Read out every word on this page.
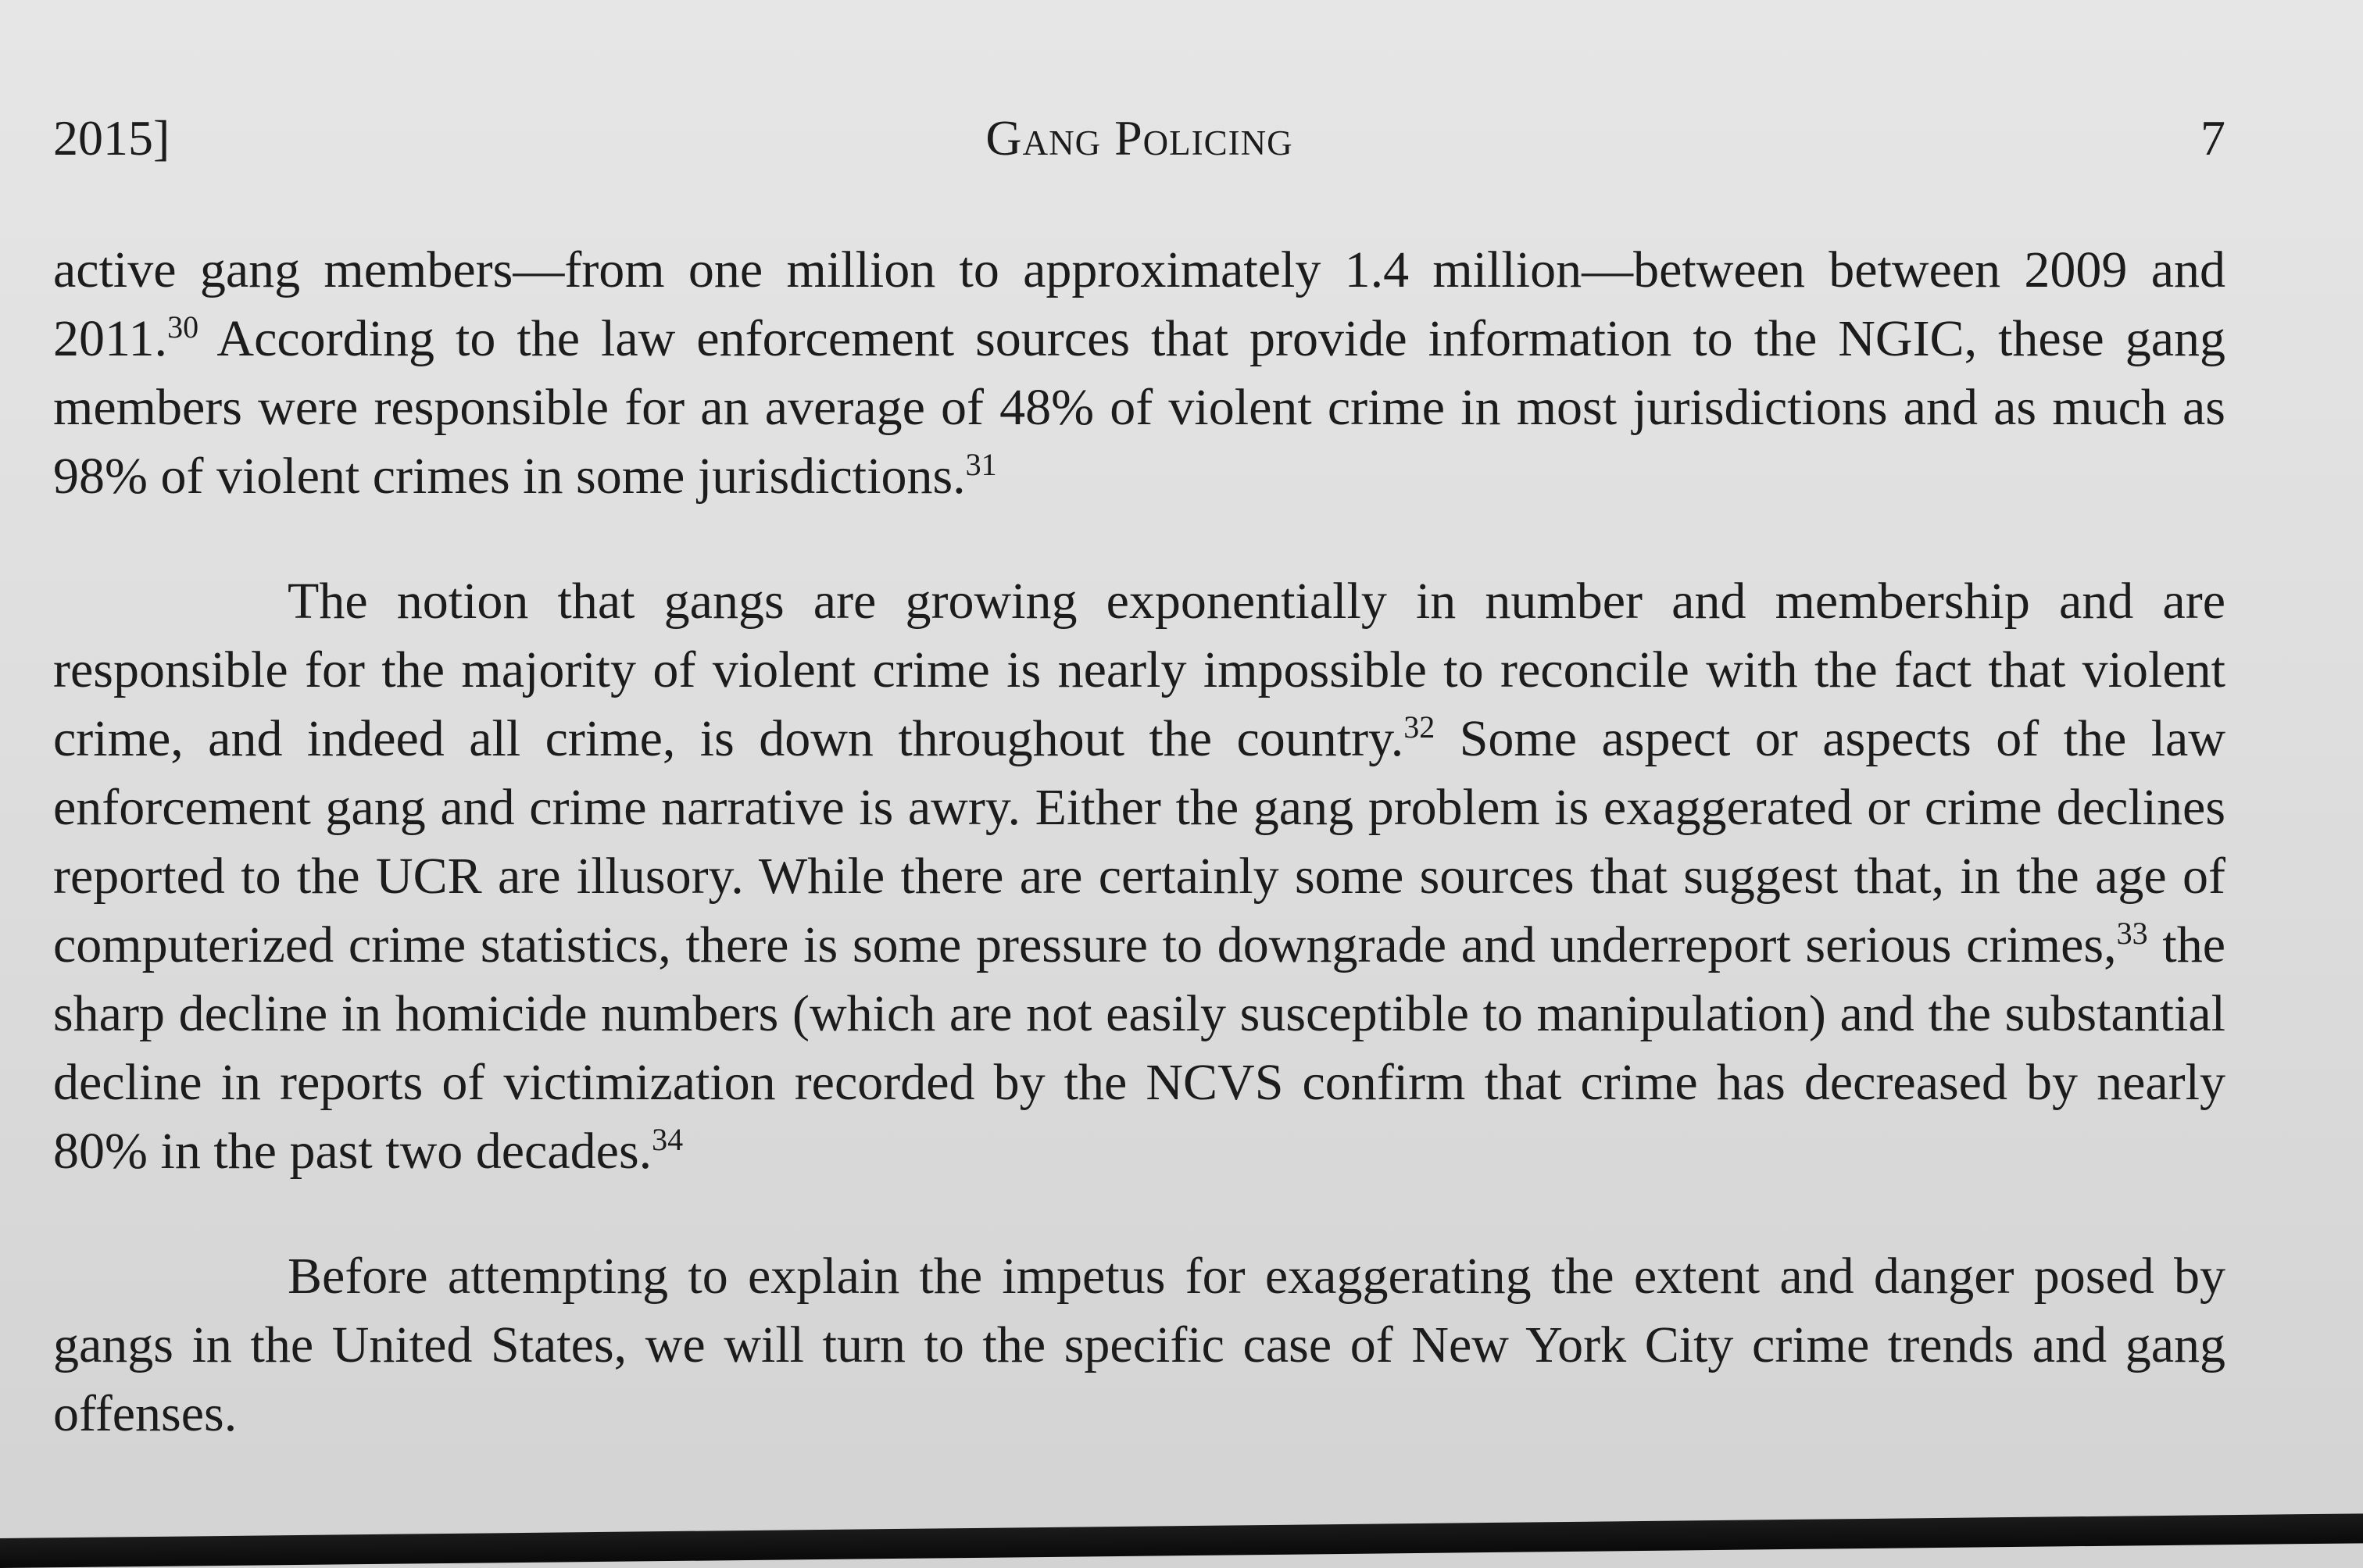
2015]	Gang Policing	7

active gang members—from one million to approximately 1.4 million—between between 2009 and 2011.30 According to the law enforcement sources that provide information to the NGIC, these gang members were responsible for an average of 48% of violent crime in most jurisdictions and as much as 98% of violent crimes in some jurisdictions.$^{31}$

The notion that gangs are growing exponentially in number and membership and are responsible for the majority of violent crime is nearly impossible to reconcile with the fact that violent crime, and indeed all crime, is down throughout the country.$^{32}$ Some aspect or aspects of the law enforcement gang and crime narrative is awry. Either the gang problem is exaggerated or crime declines reported to the UCR are illusory. While there are certainly some sources that suggest that, in the age of computerized crime statistics, there is some pressure to downgrade and underreport serious crimes,$^{33}$ the sharp decline in homicide numbers (which are not easily susceptible to manipulation) and the substantial decline in reports of victimization recorded by the NCVS confirm that crime has decreased by nearly 80% in the past two decades.$^{34}$

Before attempting to explain the impetus for exaggerating the extent and danger posed by gangs in the United States, we will turn to the specific case of New York City crime trends and gang offenses.
